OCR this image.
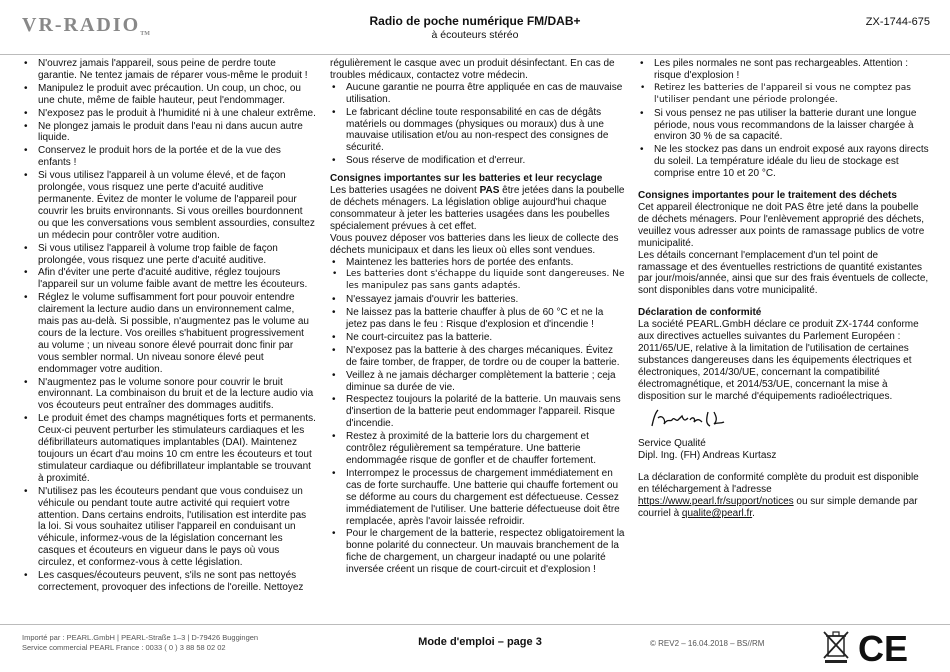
VR-RADIOTM
Radio de poche numérique FM/DAB+
à écouteurs stéréo
ZX-1744-675
• N'ouvrez jamais l'appareil, sous peine de perdre toute garantie. Ne tentez jamais de réparer vous-même le produit !
• Manipulez le produit avec précaution. Un coup, un choc, ou une chute, même de faible hauteur, peut l'endommager.
• N'exposez pas le produit à l'humidité ni à une chaleur extrême.
• Ne plongez jamais le produit dans l'eau ni dans aucun autre liquide.
• Conservez le produit hors de la portée et de la vue des enfants !
• Si vous utilisez l'appareil à un volume élevé, et de façon prolongée, vous risquez une perte d'acuité auditive permanente. Évitez de monter le volume de l'appareil pour couvrir les bruits environnants. Si vous oreilles bourdonnent ou que les conversations vous semblent assourdies, consultez un médecin pour contrôler votre audition.
• Si vous utilisez l'appareil à volume trop faible de façon prolongée, vous risquez une perte d'acuité auditive.
• Afin d'éviter une perte d'acuité auditive, réglez toujours l'appareil sur un volume faible avant de mettre les écouteurs.
• Réglez le volume suffisamment fort pour pouvoir entendre clairement la lecture audio dans un environnement calme, mais pas au-delà. Si possible, n'augmentez pas le volume au cours de la lecture. Vos oreilles s'habituent progressivement au volume ; un niveau sonore élevé pourrait donc finir par vous sembler normal. Un niveau sonore élevé peut endommager votre audition.
• N'augmentez pas le volume sonore pour couvrir le bruit environnant. La combinaison du bruit et de la lecture audio via vos écouteurs peut entraîner des dommages auditifs.
• Le produit émet des champs magnétiques forts et permanents. Ceux-ci peuvent perturber les stimulateurs cardiaques et les défibrillateurs automatiques implantables (DAI). Maintenez toujours un écart d'au moins 10 cm entre les écouteurs et tout stimulateur cardiaque ou défibrillateur implantable se trouvant à proximité.
• N'utilisez pas les écouteurs pendant que vous conduisez un véhicule ou pendant toute autre activité qui requiert votre attention. Dans certains endroits, l'utilisation est interdite pas la loi. Si vous souhaitez utiliser l'appareil en conduisant un véhicule, informez-vous de la législation concernant les casques et écouteurs en vigueur dans le pays où vous circulez, et conformez-vous à cette législation.
• Les casques/écouteurs peuvent, s'ils ne sont pas nettoyés correctement, provoquer des infections de l'oreille. Nettoyez

régulièrement le casque avec un produit désinfectant. En cas de troubles médicaux, contactez votre médecin.

• Aucune garantie ne pourra être appliquée en cas de mauvaise utilisation.
• Le fabricant décline toute responsabilité en cas de dégâts matériels ou dommages (physiques ou moraux) dus à une mauvaise utilisation et/ou au non-respect des consignes de sécurité.
• Sous réserve de modification et d'erreur.
Consignes importantes sur les batteries et leur recyclage

Les batteries usagées ne doivent PAS être jetées dans la poubelle de déchets ménagers. La législation oblige aujourd'hui chaque consommateur à jeter les batteries usagées dans les poubelles spécialement prévues à cet effet.

Vous pouvez déposer vos batteries dans les lieux de collecte des déchets municipaux et dans les lieux où elles sont vendues.

• Maintenez les batteries hors de portée des enfants.
• Les batteries dont s'échappe du liquide sont dangereuses. Ne les manipulez pas sans gants adaptés.
• N'essayez jamais d'ouvrir les batteries.
• Ne laissez pas la batterie chauffer à plus de 60 °C et ne la jetez pas dans le feu : Risque d'explosion et d'incendie !
• Ne court-circuitez pas la batterie.
• N'exposez pas la batterie à des charges mécaniques. Évitez de faire tomber, de frapper, de tordre ou de couper la batterie.
• Veillez à ne jamais décharger complètement la batterie ; ceja diminue sa durée de vie.
• Respectez toujours la polarité de la batterie. Un mauvais sens d'insertion de la batterie peut endommager l'appareil. Risque d'incendie.
• Restez à proximité de la batterie lors du chargement et contrôlez régulièrement sa température. Une batterie endommagée risque de gonfler et de chauffer fortement.
• Interrompez le processus de chargement immédiatement en cas de forte surchauffe. Une batterie qui chauffe fortement ou se déforme au cours du chargement est défectueuse. Cessez immédiatement de l'utiliser. Une batterie défectueuse doit être remplacée, après l'avoir laissée refroidir.
• Pour le chargement de la batterie, respectez obligatoirement la bonne polarité du connecteur. Un mauvais branchement de la fiche de chargement, un chargeur inadapté ou une polarité inversée créent un risque de court-circuit et d'explosion !
• Les piles normales ne sont pas rechargeables. Attention : risque d'explosion !
• Retirez les batteries de l'appareil si vous ne comptez pas l'utiliser pendant une période prolongée.
• Si vous pensez ne pas utiliser la batterie durant une longue période, nous vous recommandons de la laisser chargée à environ 30 % de sa capacité.
• Ne les stockez pas dans un endroit exposé aux rayons directs du soleil. La température idéale du lieu de stockage est comprise entre 10 et 20 °C.
Consignes importantes pour le traitement des déchets

Cet appareil électronique ne doit PAS être jeté dans la poubelle de déchets ménagers. Pour l'enlèvement approprié des déchets, veuillez vous adresser aux points de ramassage publics de votre municipalité.

Les détails concernant l'emplacement d'un tel point de ramassage et des éventuelles restrictions de quantité existantes par jour/mois/année, ainsi que sur des frais éventuels de collecte, sont disponibles dans votre municipalité.

Déclaration de conformité

La société PEARL.GmbH déclare ce produit ZX-1744 conforme aux directives actuelles suivantes du Parlement Européen : 2011/65/UE, relative à la limitation de l'utilisation de certaines substances dangereuses dans les équipements électriques et électroniques, 2014/30/UE, concernant la compatibilité électromagnétique, et 2014/53/UE, concernant la mise à disposition sur le marché d'équipements radioélectriques.

Service Qualité

Dipl. Ing. (FH) Andreas Kurtasz

La déclaration de conformité complète du produit est disponible en téléchargement à l'adresse https://www.pearl.fr/support/notices ou sur simple demande par courriel à qualite@pearl.fr.

Importé par : PEARL.GmbH | PEARL-Straße 1–3 | D-79426 Buggingen
Service commercial PEARL France : 0033 ( 0 ) 3 88 58 02 02	Mode d'emploi – page 3	© REV2 – 16.04.2018 – BS//RM	CE
